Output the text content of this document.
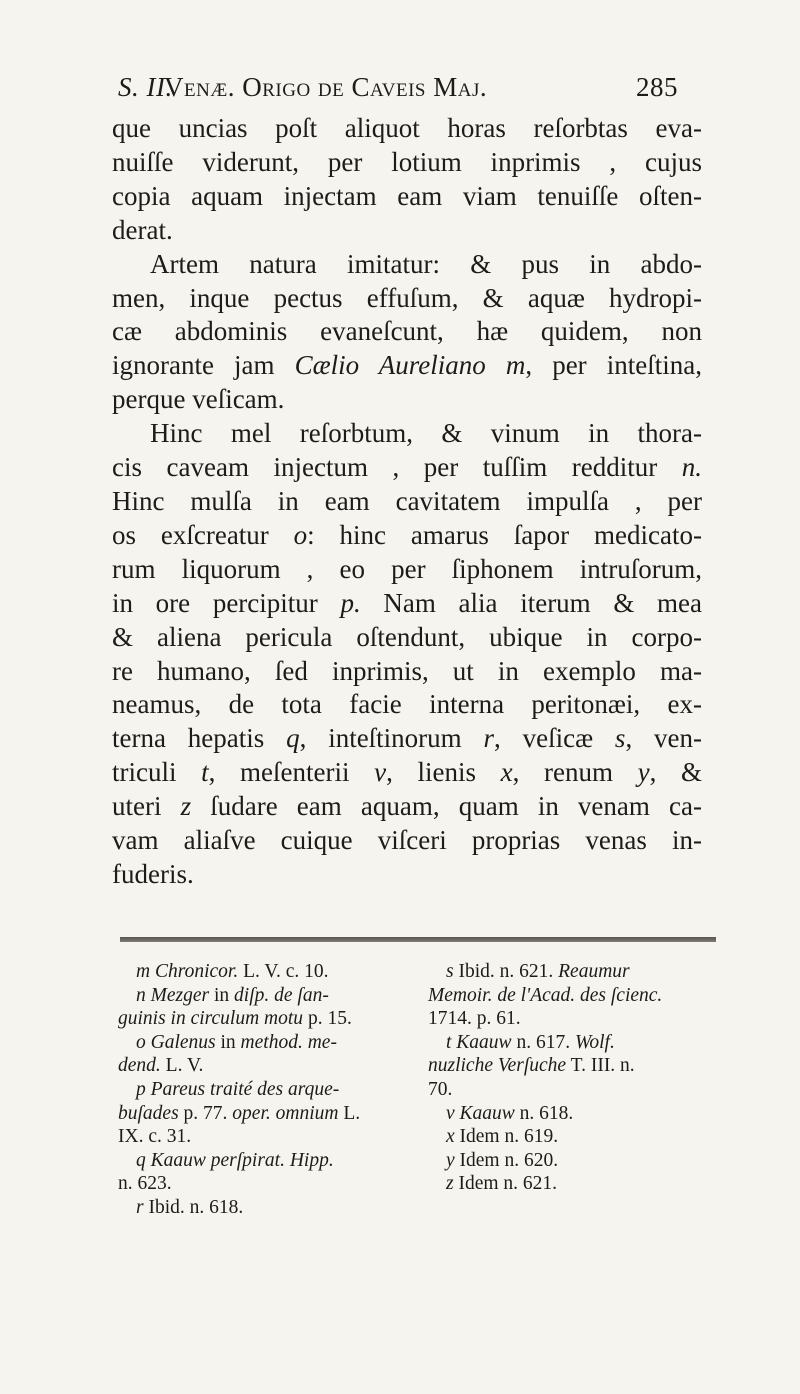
S. II.
Venæ. Origo de Caveis Maj.	285

que uncias poſt aliquot horas reſorbtas eva-
nuiſſe viderunt, per lotium inprimis , cujus
copia aquam injectam eam viam tenuiſſe oſten-
derat.

Artem natura imitatur: & pus in abdo-
men, inque pectus effuſum, & aquæ hydropi-
cæ abdominis evaneſcunt, hæ quidem, non
ignorante jam Cælio Aureliano m, per inteſtina,
perque veſicam.

Hinc mel reſorbtum, & vinum in thora-
cis caveam injectum , per tuſſim redditur n.
Hinc mulſa in eam cavitatem impulſa , per
os exſcreatur o: hinc amarus ſapor medicato-
rum liquorum , eo per ſiphonem intruſorum,
in ore percipitur p. Nam alia iterum & mea
& aliena pericula oſtendunt, ubique in corpo-
re humano, ſed inprimis, ut in exemplo ma-
neamus, de tota facie interna peritonæi, ex-
terna hepatis q, inteſtinorum r, veſicæ s, ven-
triculi t, meſenterii v, lienis x, renum y, &
uteri z ſudare eam aquam, quam in venam ca-
vam aliaſve cuique viſceri proprias venas in-
fuderis.

m Chronicor. L. V. c. 10.
n Mezger in diſp. de ſan-
guinis in circulum motu p. 15.
o Galenus in method. me-
dend. L. V.
p Pareus traité des arque-
buſades p. 77. oper. omnium L.
IX. c. 31.
q Kaauw perſpirat. Hipp.
n. 623.
r Ibid. n. 618.
s Ibid. n. 621. Reaumur
Memoir. de l'Acad. des ſcienc.
1714. p. 61.
t Kaauw n. 617. Wolf.
nuzliche Verſuche T. III. n.
70.
v Kaauw n. 618.
x Idem n. 619.
y Idem n. 620.
z Idem n. 621.
